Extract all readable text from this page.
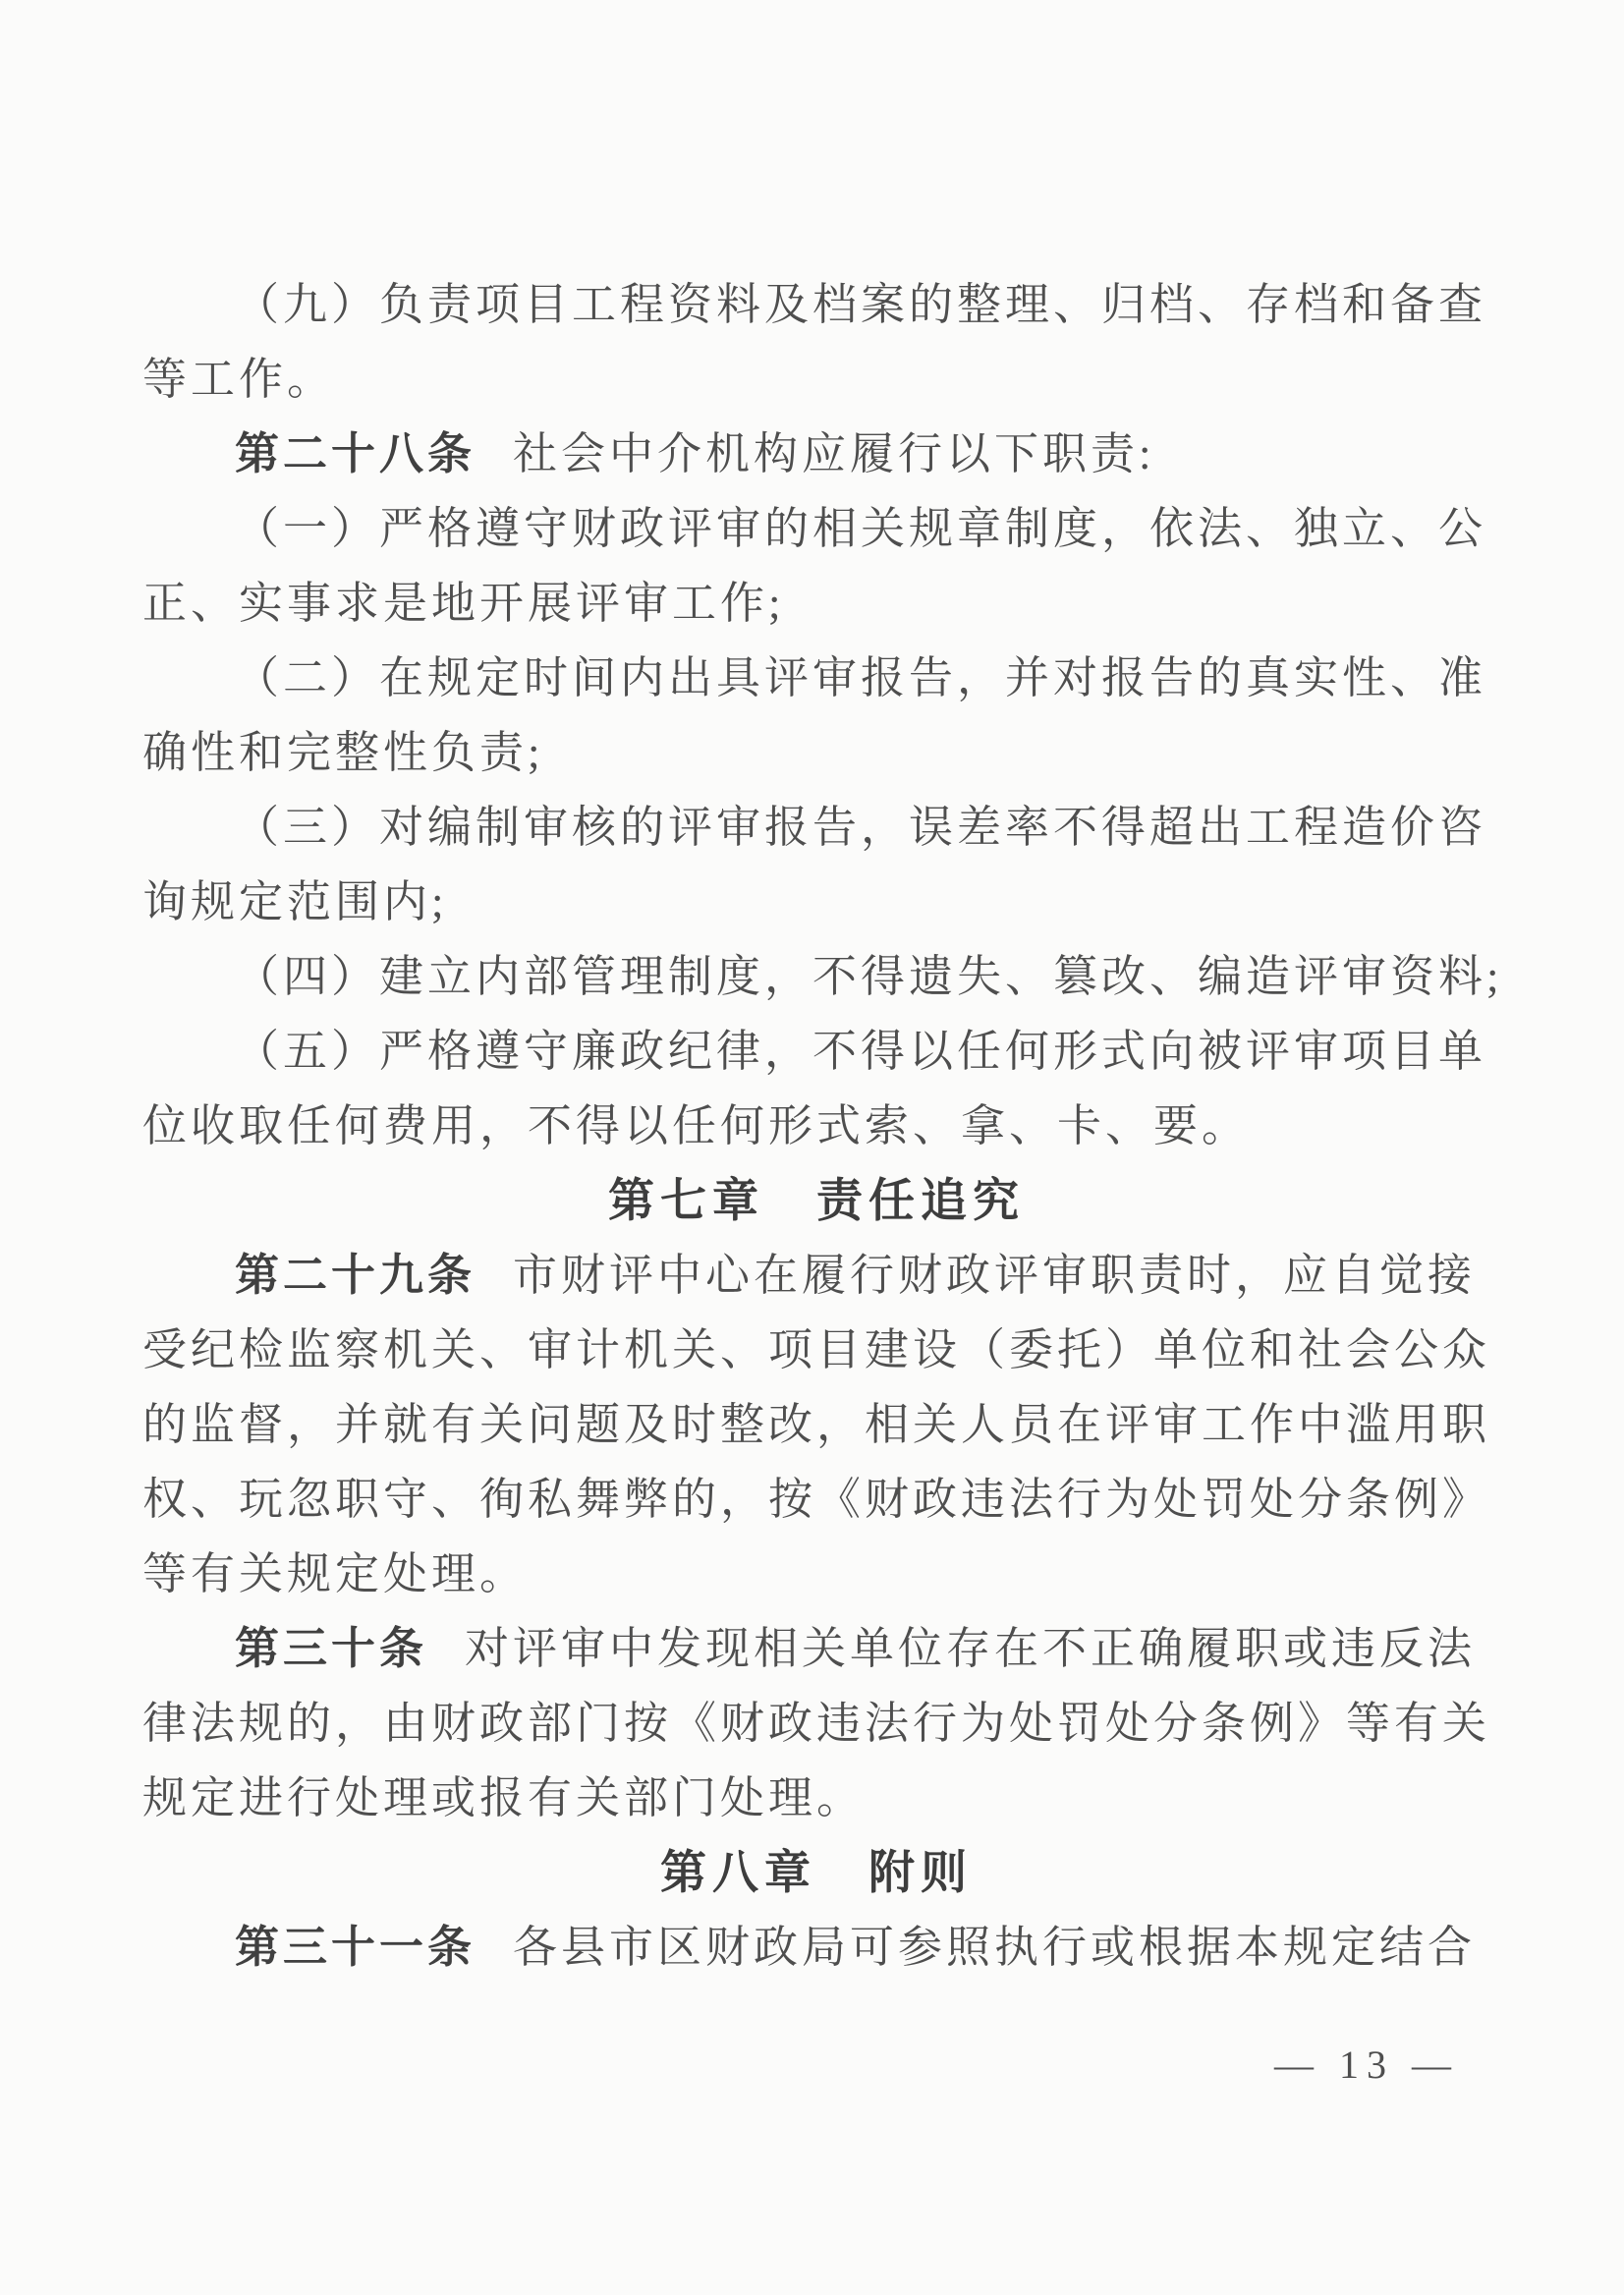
（九）负责项目工程资料及档案的整理、归档、存档和备查
等工作。
第二十八条 社会中介机构应履行以下职责:
（一）严格遵守财政评审的相关规章制度，依法、独立、公
正、实事求是地开展评审工作;
（二）在规定时间内出具评审报告，并对报告的真实性、准
确性和完整性负责;
（三）对编制审核的评审报告，误差率不得超出工程造价咨
询规定范围内;
（四）建立内部管理制度，不得遗失、篡改、编造评审资料;
（五）严格遵守廉政纪律，不得以任何形式向被评审项目单
位收取任何费用，不得以任何形式索、拿、卡、要。
第七章　责任追究
第二十九条 市财评中心在履行财政评审职责时，应自觉接
受纪检监察机关、审计机关、项目建设（委托）单位和社会公众
的监督，并就有关问题及时整改，相关人员在评审工作中滥用职
权、玩忽职守、徇私舞弊的，按《财政违法行为处罚处分条例》
等有关规定处理。
第三十条 对评审中发现相关单位存在不正确履职或违反法
律法规的，由财政部门按《财政违法行为处罚处分条例》等有关
规定进行处理或报有关部门处理。
第八章　附则
第三十一条 各县市区财政局可参照执行或根据本规定结合
— 13 —
